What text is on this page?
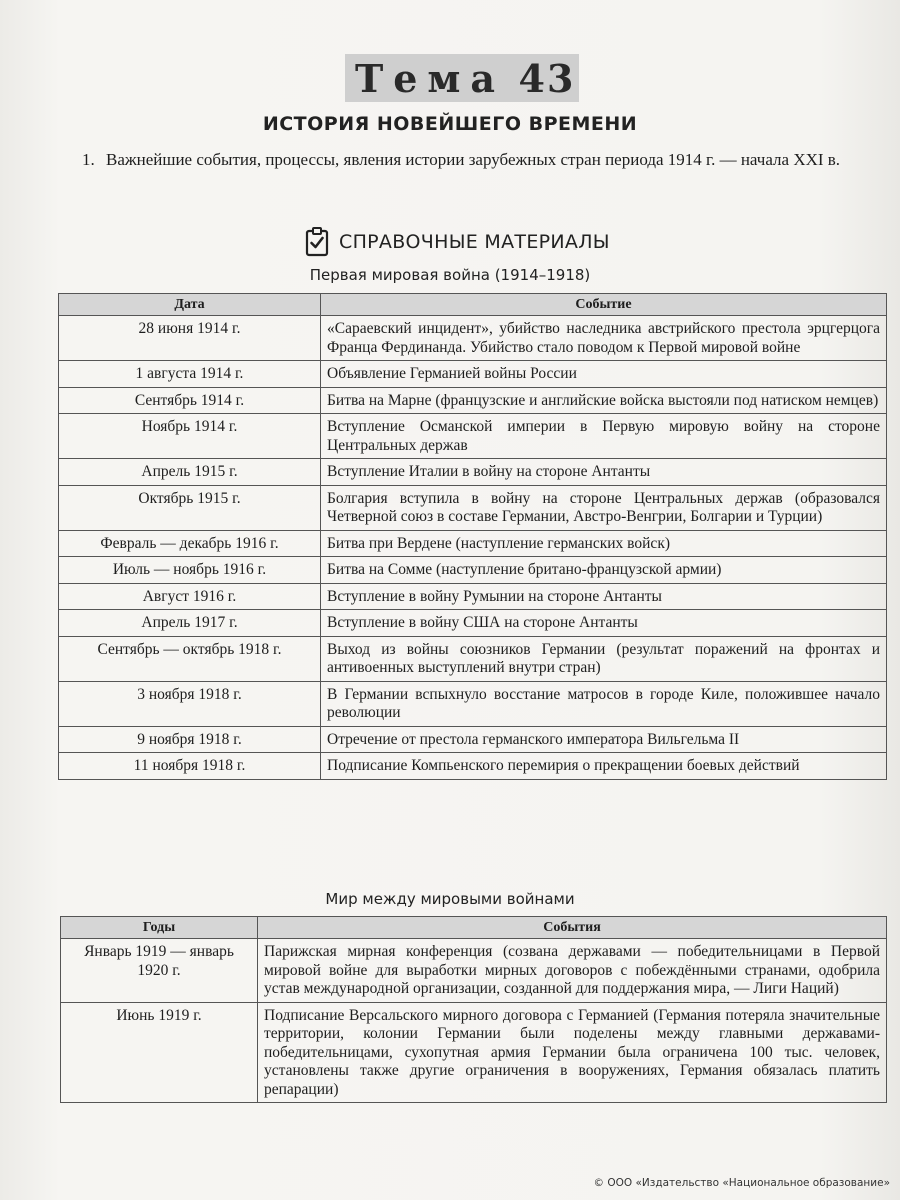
Тема 43
ИСТОРИЯ НОВЕЙШЕГО ВРЕМЕНИ
1. Важнейшие события, процессы, явления истории зарубежных стран периода 1914 г. — начала XXI в.
СПРАВОЧНЫЕ МАТЕРИАЛЫ
Первая мировая война (1914–1918)
Дата	Событие
28 июня 1914 г.	«Сараевский инцидент», убийство наследника австрийского престола эрцгерцога Франца Фердинанда. Убийство стало поводом к Первой мировой войне
1 августа 1914 г.	Объявление Германией войны России
Сентябрь 1914 г.	Битва на Марне (французские и английские войска выстояли под натиском немцев)
Ноябрь 1914 г.	Вступление Османской империи в Первую мировую войну на стороне Центральных держав
Апрель 1915 г.	Вступление Италии в войну на стороне Антанты
Октябрь 1915 г.	Болгария вступила в войну на стороне Центральных держав (образовался Четверной союз в составе Германии, Австро-Венгрии, Болгарии и Турции)
Февраль — декабрь 1916 г.	Битва при Вердене (наступление германских войск)
Июль — ноябрь 1916 г.	Битва на Сомме (наступление британо-французской армии)
Август 1916 г.	Вступление в войну Румынии на стороне Антанты
Апрель 1917 г.	Вступление в войну США на стороне Антанты
Сентябрь — октябрь 1918 г.	Выход из войны союзников Германии (результат поражений на фронтах и антивоенных выступлений внутри стран)
3 ноября 1918 г.	В Германии вспыхнуло восстание матросов в городе Киле, положившее начало революции
9 ноября 1918 г.	Отречение от престола германского императора Вильгельма II
11 ноября 1918 г.	Подписание Компьенского перемирия о прекращении боевых действий
Мир между мировыми войнами
Годы	События
Январь 1919 — январь 1920 г.	Парижская мирная конференция (созвана державами — победительницами в Первой мировой войне для выработки мирных договоров с побеждёнными странами, одобрила устав международной организации, созданной для поддержания мира, — Лиги Наций)
Июнь 1919 г.	Подписание Версальского мирного договора с Германией (Германия потеряла значительные территории, колонии Германии были поделены между главными державами-победительницами, сухопутная армия Германии была ограничена 100 тыс. человек, установлены также другие ограничения в вооружениях, Германия обязалась платить репарации)
© ООО «Издательство «Национальное образование»
